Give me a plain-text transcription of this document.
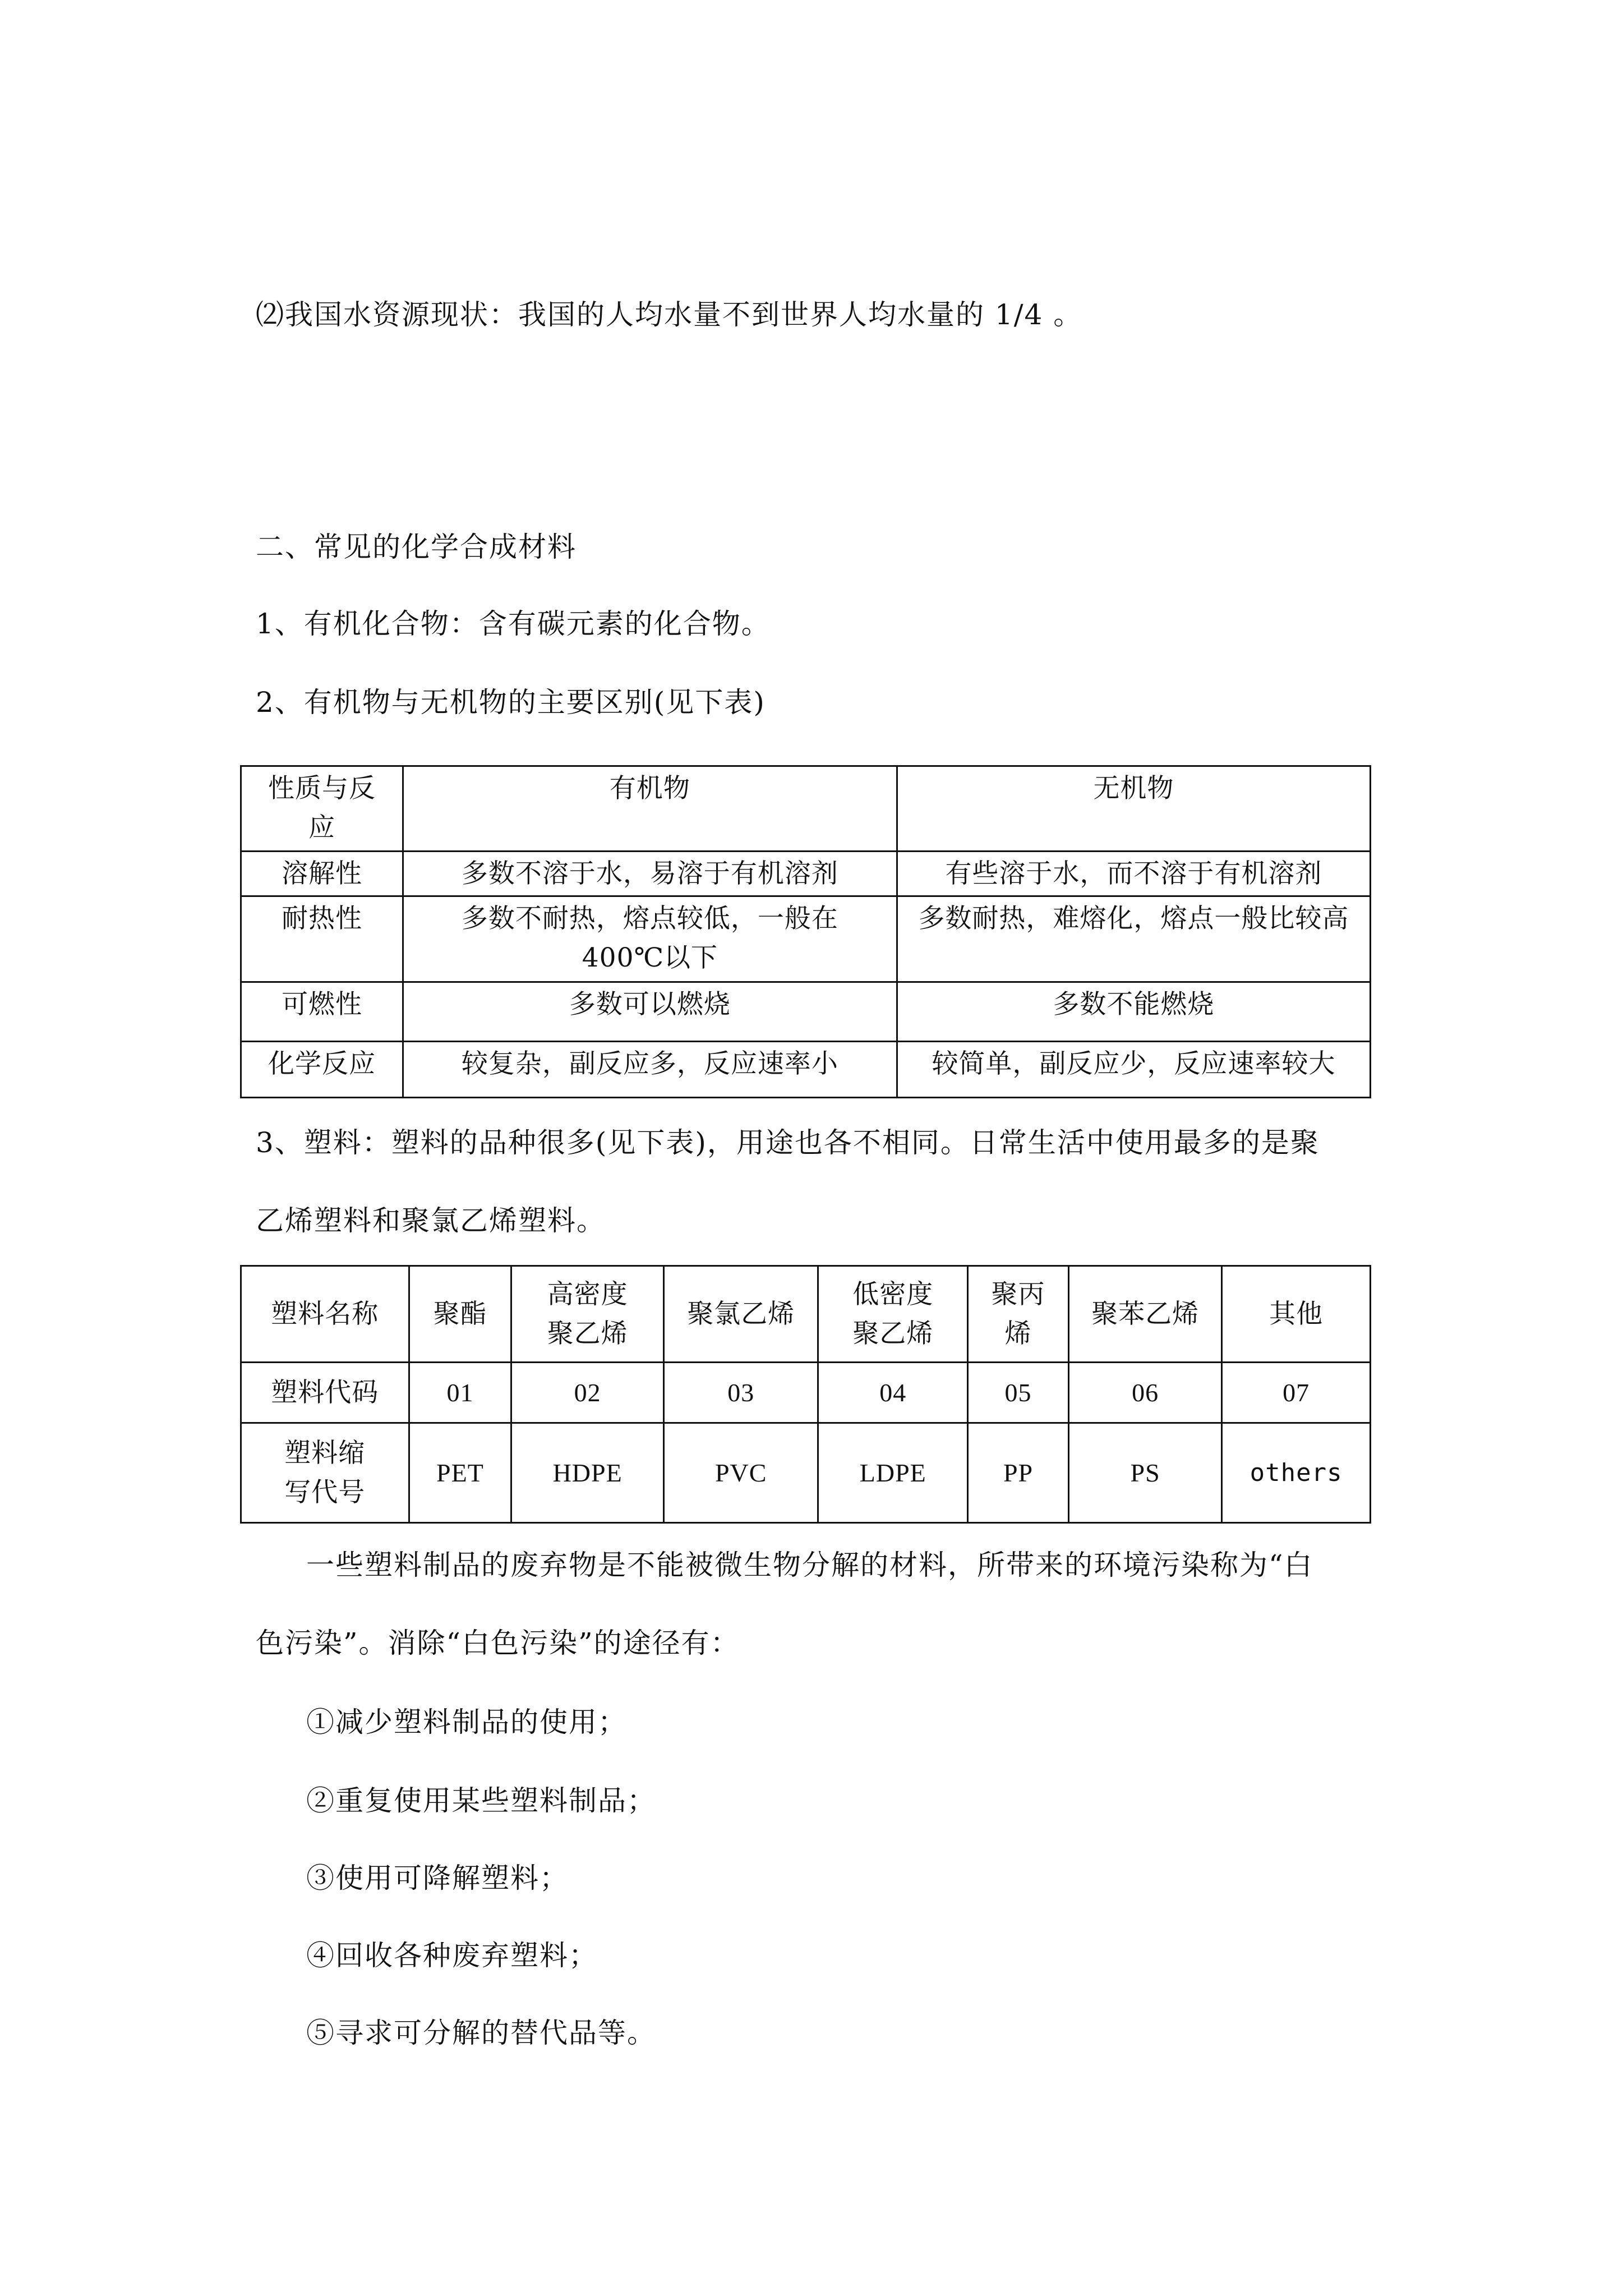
⑵我国水资源现状：我国的人均水量不到世界人均水量的 1/4 。
二、常见的化学合成材料
1、有机化合物：含有碳元素的化合物。
2、有机物与无机物的主要区别(见下表)
性质与反应	有机物	无机物
溶解性	多数不溶于水，易溶于有机溶剂	有些溶于水，而不溶于有机溶剂
耐热性	多数不耐热，熔点较低，一般在 400℃以下	多数耐热，难熔化，熔点一般比较高
可燃性	多数可以燃烧	多数不能燃烧
化学反应	较复杂，副反应多，反应速率小	较简单，副反应少，反应速率较大
3、塑料：塑料的品种很多(见下表)，用途也各不相同。日常生活中使用最多的是聚
乙烯塑料和聚氯乙烯塑料。
塑料名称	聚酯	高密度聚乙烯	聚氯乙烯	低密度聚乙烯	聚丙烯	聚苯乙烯	其他
塑料代码	01	02	03	04	05	06	07
塑料缩写代号	PET	HDPE	PVC	LDPE	PP	PS	others
一些塑料制品的废弃物是不能被微生物分解的材料，所带来的环境污染称为“白
色污染”。消除“白色污染”的途径有：
①减少塑料制品的使用；
②重复使用某些塑料制品；
③使用可降解塑料；
④回收各种废弃塑料；
⑤寻求可分解的替代品等。
